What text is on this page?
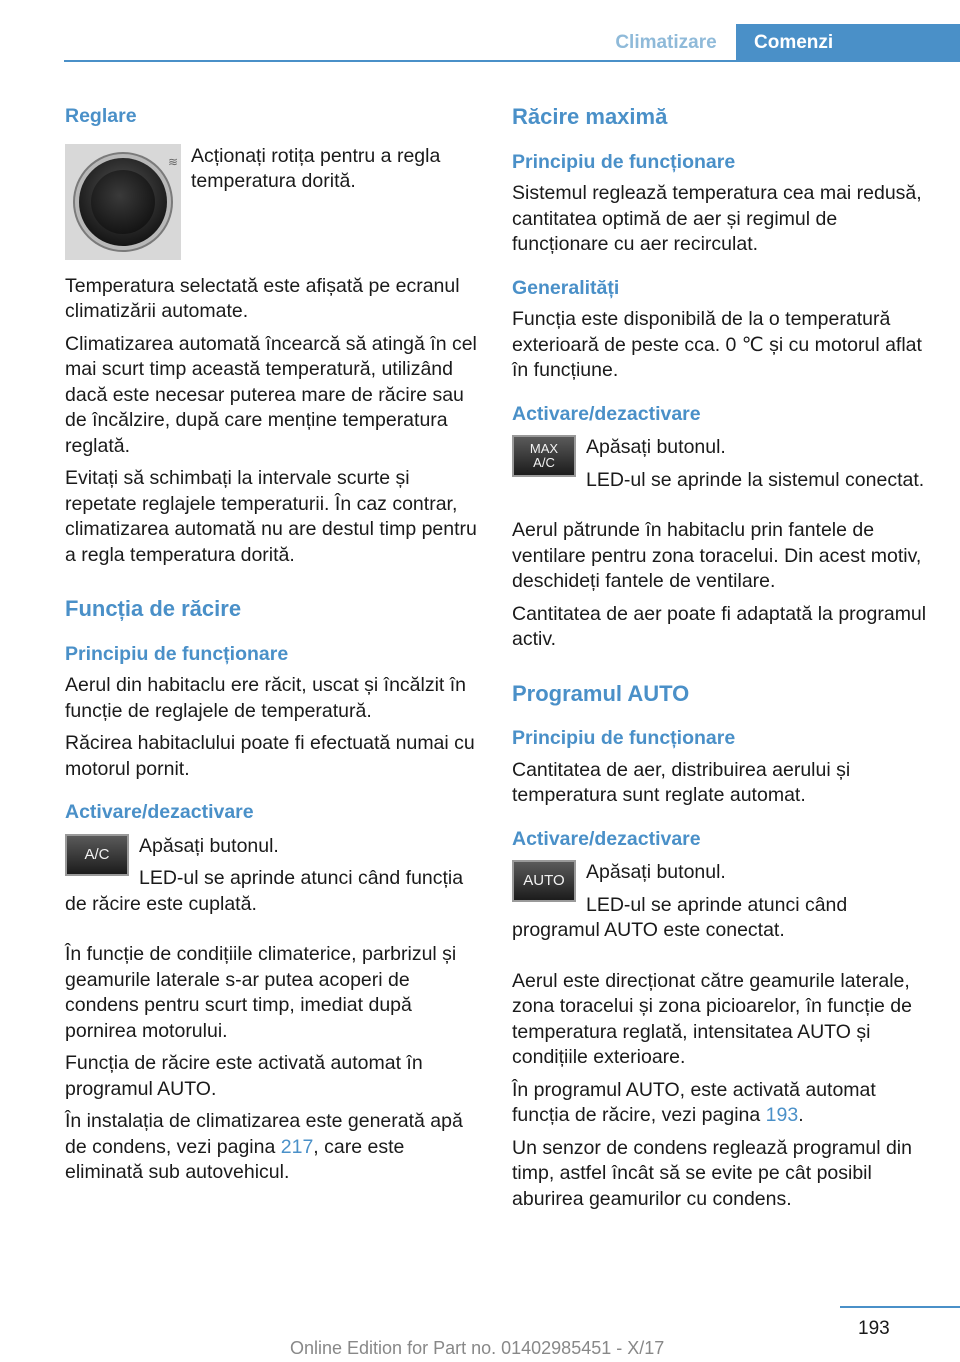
Climatizare	Comenzi
Reglare
≋ Acționați rotița pentru a regla temperatura dorită.

Temperatura selectată este afișată pe ecranul climatizării automate.

Climatizarea automată încearcă să atingă în cel mai scurt timp această temperatură, utilizând dacă este necesar puterea mare de răcire sau de încălzire, după care menține temperatura reglată.

Evitați să schimbați la intervale scurte și repetate reglajele temperaturii. În caz contrar, climatizarea automată nu are destul timp pentru a regla temperatura dorită.

Funcția de răcire
Principiu de funcționare

Aerul din habitaclu ere răcit, uscat și încălzit în funcție de reglajele de temperatură.

Răcirea habitaclului poate fi efectuată numai cu motorul pornit.

Activare/dezactivare
A/C	Apăsați butonul.

LED-ul se aprinde atunci când funcția de răcire este cuplată.

În funcție de condițiile climaterice, parbrizul și geamurile laterale s-ar putea acoperi de condens pentru scurt timp, imediat după pornirea motorului.

Funcția de răcire este activată automat în programul AUTO.

În instalația de climatizarea este generată apă de condens, vezi pagina 217, care este eliminată sub autovehicul.

Răcire maximă
Principiu de funcționare

Sistemul reglează temperatura cea mai redusă, cantitatea optimă de aer și regimul de funcționare cu aer recirculat.

Generalități

Funcția este disponibilă de la o temperatură exterioară de peste cca. 0 ℃ și cu motorul aflat în funcțiune.

Activare/dezactivare
MAX
A/C

Apăsați butonul.

LED-ul se aprinde la sistemul conectat.

Aerul pătrunde în habitaclu prin fantele de ventilare pentru zona toracelui. Din acest motiv, deschideți fantele de ventilare.

Cantitatea de aer poate fi adaptată la programul activ.

Programul AUTO
Principiu de funcționare

Cantitatea de aer, distribuirea aerului și temperatura sunt reglate automat.

Activare/dezactivare
AUTO	Apăsați butonul.

LED-ul se aprinde atunci când programul AUTO este conectat.

Aerul este direcționat către geamurile laterale, zona toracelui și zona picioarelor, în funcție de temperatura reglată, intensitatea AUTO și condițiile exterioare.

În programul AUTO, este activată automat funcția de răcire, vezi pagina 193.

Un senzor de condens reglează programul din timp, astfel încât să se evite pe cât posibil aburirea geamurilor cu condens.

193
Online Edition for Part no. 01402985451 - X/17
